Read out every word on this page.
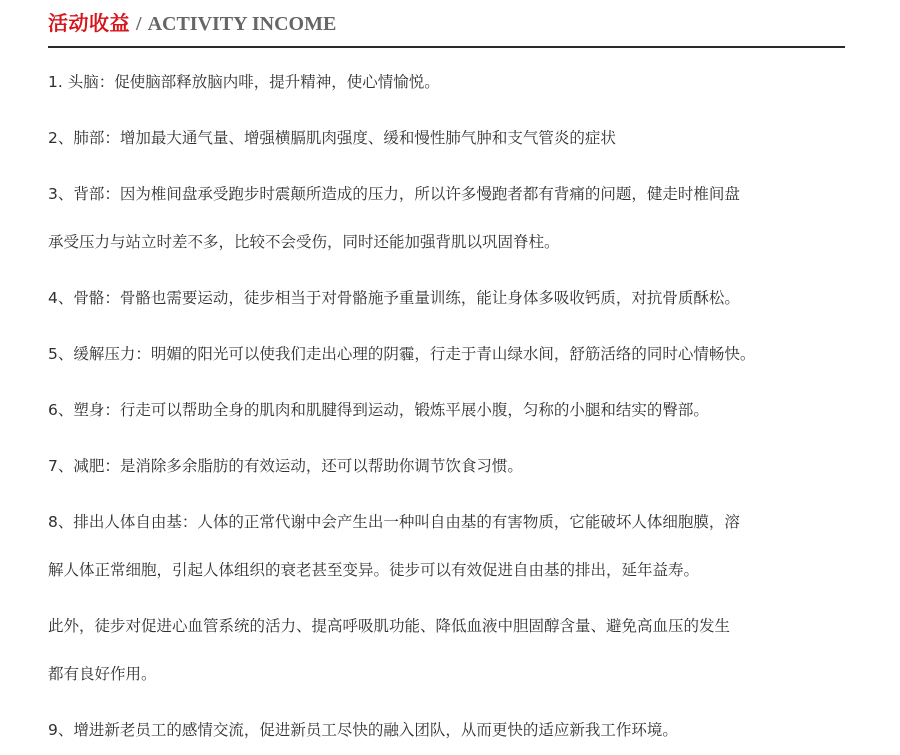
活动收益 / ACTIVITY INCOME
1. 头脑：促使脑部释放脑内啡，提升精神，使心情愉悦。
2、肺部：增加最大通气量、增强横膈肌肉强度、缓和慢性肺气肿和支气管炎的症状
3、背部：因为椎间盘承受跑步时震颠所造成的压力，所以许多慢跑者都有背痛的问题，健走时椎间盘
承受压力与站立时差不多，比较不会受伤，同时还能加强背肌以巩固脊柱。
4、骨骼：骨骼也需要运动，徒步相当于对骨骼施予重量训练，能让身体多吸收钙质，对抗骨质酥松。
5、缓解压力：明媚的阳光可以使我们走出心理的阴霾，行走于青山绿水间，舒筋活络的同时心情畅快。
6、塑身：行走可以帮助全身的肌肉和肌腱得到运动，锻炼平展小腹，匀称的小腿和结实的臀部。
7、减肥：是消除多余脂肪的有效运动，还可以帮助你调节饮食习惯。
8、排出人体自由基：人体的正常代谢中会产生出一种叫自由基的有害物质，它能破坏人体细胞膜，溶
解人体正常细胞，引起人体组织的衰老甚至变异。徒步可以有效促进自由基的排出，延年益寿。
此外，徒步对促进心血管系统的活力、提高呼吸肌功能、降低血液中胆固醇含量、避免高血压的发生
都有良好作用。
9、增进新老员工的感情交流，促进新员工尽快的融入团队，从而更快的适应新我工作环境。
